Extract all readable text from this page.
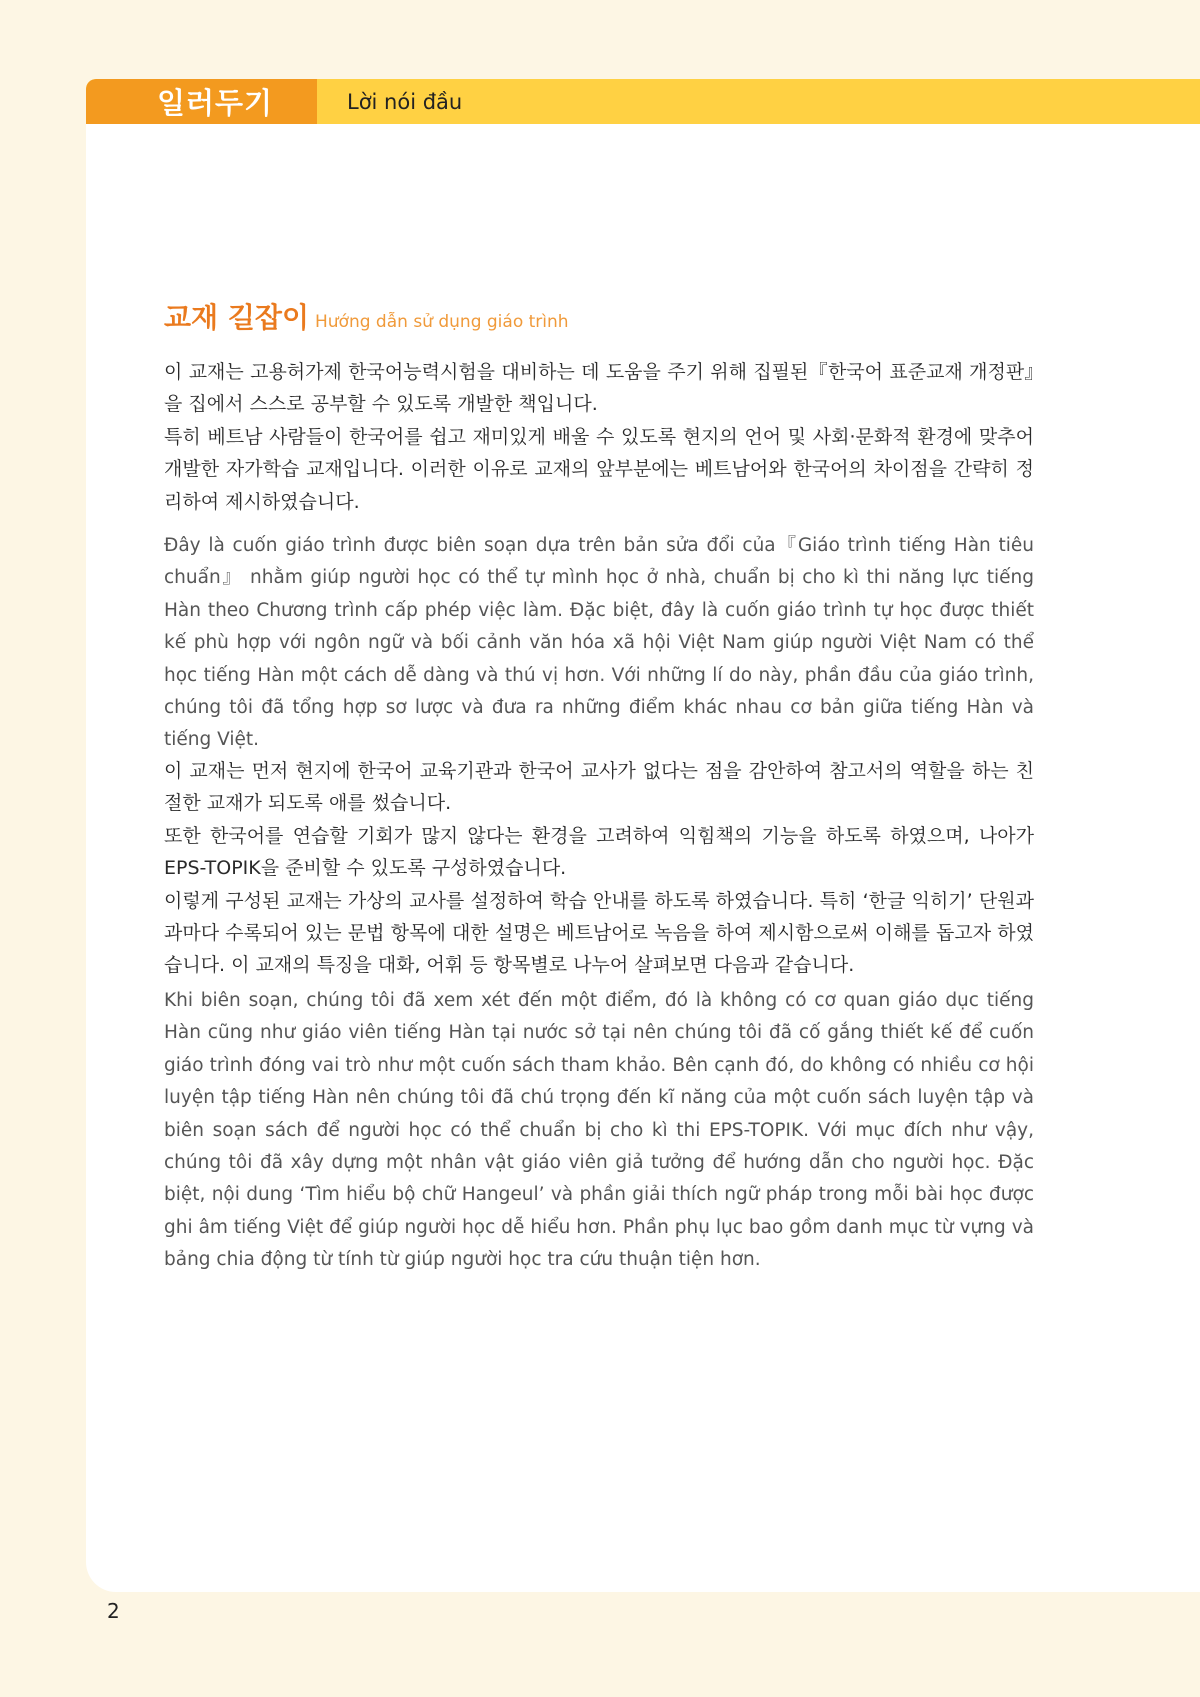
일러두기	Lời nói đầu
교재 길잡이 Hướng dẫn sử dụng giáo trình

이 교재는 고용허가제 한국어능력시험을 대비하는 데 도움을 주기 위해 집필된『한국어 표준교재 개정판』을 집에서 스스로 공부할 수 있도록 개발한 책입니다.

특히 베트남 사람들이 한국어를 쉽고 재미있게 배울 수 있도록 현지의 언어 및 사회·문화적 환경에 맞추어 개발한 자가학습 교재입니다. 이러한 이유로 교재의 앞부분에는 베트남어와 한국어의 차이점을 간략히 정리하여 제시하였습니다.

Đây là cuốn giáo trình được biên soạn dựa trên bản sửa đổi của『Giáo trình tiếng Hàn tiêu chuẩn』 nhằm giúp người học có thể tự mình học ở nhà, chuẩn bị cho kì thi năng lực tiếng Hàn theo Chương trình cấp phép việc làm. Đặc biệt, đây là cuốn giáo trình tự học được thiết kế phù hợp với ngôn ngữ và bối cảnh văn hóa xã hội Việt Nam giúp người Việt Nam có thể học tiếng Hàn một cách dễ dàng và thú vị hơn. Với những lí do này, phần đầu của giáo trình, chúng tôi đã tổng hợp sơ lược và đưa ra những điểm khác nhau cơ bản giữa tiếng Hàn và tiếng Việt.

이 교재는 먼저 현지에 한국어 교육기관과 한국어 교사가 없다는 점을 감안하여 참고서의 역할을 하는 친절한 교재가 되도록 애를 썼습니다.

또한 한국어를 연습할 기회가 많지 않다는 환경을 고려하여 익힘책의 기능을 하도록 하였으며, 나아가 EPS-TOPIK을 준비할 수 있도록 구성하였습니다.

이렇게 구성된 교재는 가상의 교사를 설정하여 학습 안내를 하도록 하였습니다. 특히 ‘한글 익히기’ 단원과 과마다 수록되어 있는 문법 항목에 대한 설명은 베트남어로 녹음을 하여 제시함으로써 이해를 돕고자 하였습니다. 이 교재의 특징을 대화, 어휘 등 항목별로 나누어 살펴보면 다음과 같습니다.

Khi biên soạn, chúng tôi đã xem xét đến một điểm, đó là không có cơ quan giáo dục tiếng Hàn cũng như giáo viên tiếng Hàn tại nước sở tại nên chúng tôi đã cố gắng thiết kế để cuốn giáo trình đóng vai trò như một cuốn sách tham khảo. Bên cạnh đó, do không có nhiều cơ hội luyện tập tiếng Hàn nên chúng tôi đã chú trọng đến kĩ năng của một cuốn sách luyện tập và biên soạn sách để người học có thể chuẩn bị cho kì thi EPS-TOPIK. Với mục đích như vậy, chúng tôi đã xây dựng một nhân vật giáo viên giả tưởng để hướng dẫn cho người học. Đặc biệt, nội dung ‘Tìm hiểu bộ chữ Hangeul’ và phần giải thích ngữ pháp trong mỗi bài học được ghi âm tiếng Việt để giúp người học dễ hiểu hơn. Phần phụ lục bao gồm danh mục từ vựng và bảng chia động từ tính từ giúp người học tra cứu thuận tiện hơn.

2
